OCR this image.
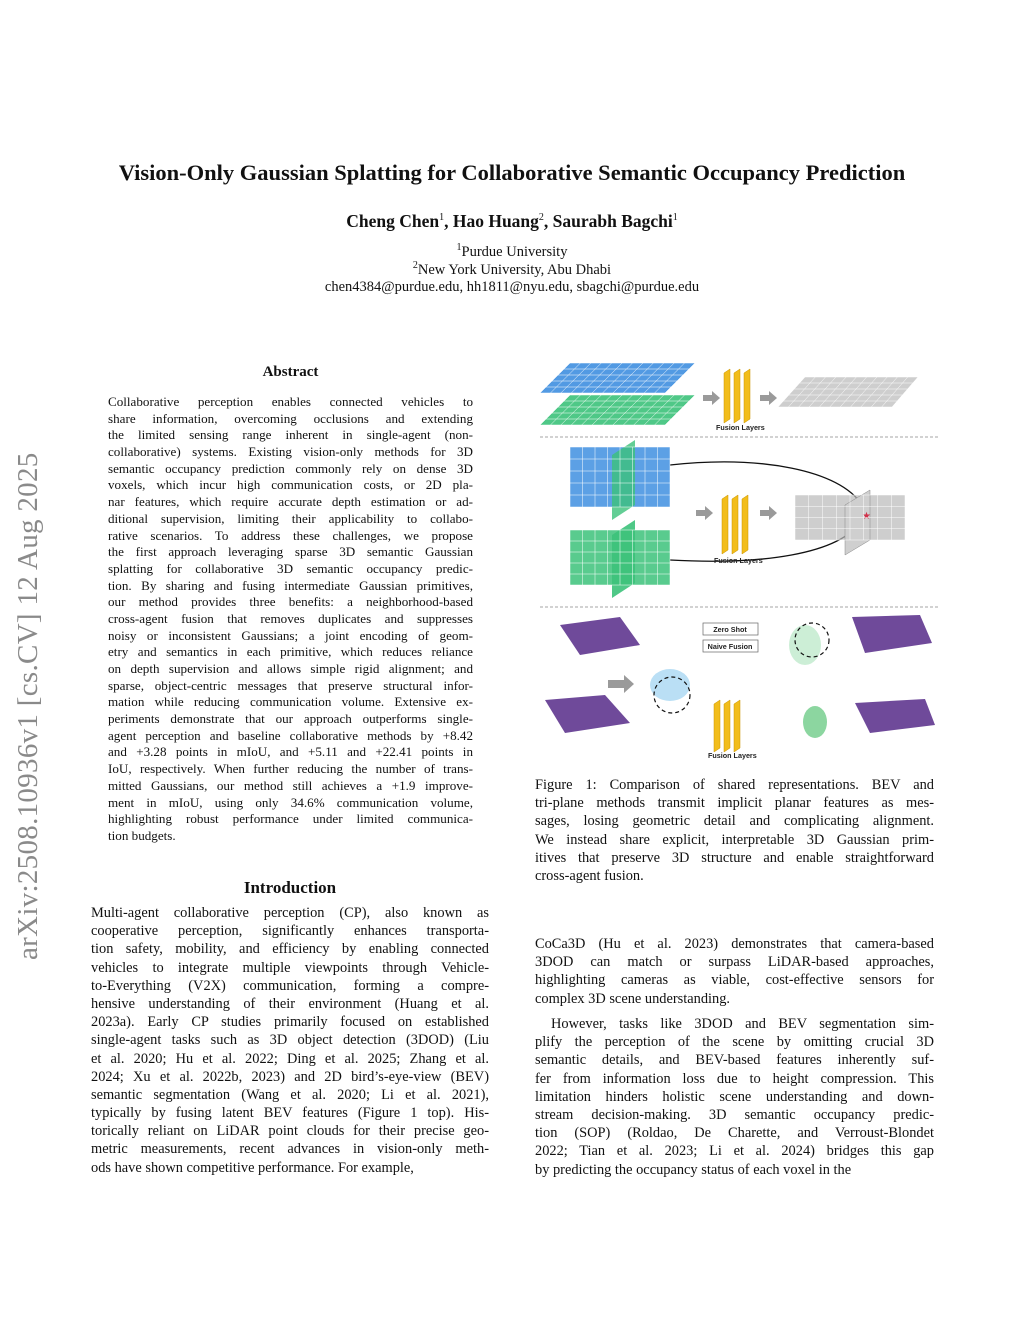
arXiv:2508.10936v1 [cs.CV] 12 Aug 2025
Vision-Only Gaussian Splatting for Collaborative Semantic Occupancy Prediction
Cheng Chen$^1$, Hao Huang$^2$, Saurabh Bagchi$^1$
$^1$Purdue University
$^2$New York University, Abu Dhabi
chen4384@purdue.edu, hh1811@nyu.edu, sbagchi@purdue.edu
Abstract
Collaborative perception enables connected vehicles to
share information, overcoming occlusions and extending
the limited sensing range inherent in single-agent (non-
collaborative) systems. Existing vision-only methods for 3D
semantic occupancy prediction commonly rely on dense 3D
voxels, which incur high communication costs, or 2D pla-
nar features, which require accurate depth estimation or ad-
ditional supervision, limiting their applicability to collabo-
rative scenarios. To address these challenges, we propose
the first approach leveraging sparse 3D semantic Gaussian
splatting for collaborative 3D semantic occupancy predic-
tion. By sharing and fusing intermediate Gaussian primitives,
our method provides three benefits: a neighborhood-based
cross-agent fusion that removes duplicates and suppresses
noisy or inconsistent Gaussians; a joint encoding of geom-
etry and semantics in each primitive, which reduces reliance
on depth supervision and allows simple rigid alignment; and
sparse, object-centric messages that preserve structural infor-
mation while reducing communication volume. Extensive ex-
periments demonstrate that our approach outperforms single-
agent perception and baseline collaborative methods by +8.42
and +3.28 points in mIoU, and +5.11 and +22.41 points in
IoU, respectively. When further reducing the number of trans-
mitted Gaussians, our method still achieves a +1.9 improve-
ment in mIoU, using only 34.6% communication volume,
highlighting robust performance under limited communica-
tion budgets.
Introduction
Multi-agent collaborative perception (CP), also known as
cooperative perception, significantly enhances transporta-
tion safety, mobility, and efficiency by enabling connected
vehicles to integrate multiple viewpoints through Vehicle-
to-Everything (V2X) communication, forming a compre-
hensive understanding of their environment (Huang et al.
2023a). Early CP studies primarily focused on established
single-agent tasks such as 3D object detection (3DOD) (Liu
et al. 2020; Hu et al. 2022; Ding et al. 2025; Zhang et al.
2024; Xu et al. 2022b, 2023) and 2D bird’s-eye-view (BEV)
semantic segmentation (Wang et al. 2020; Li et al. 2021),
typically by fusing latent BEV features (Figure 1 top). His-
torically reliant on LiDAR point clouds for their precise geo-
metric measurements, recent advances in vision-only meth-
ods have shown competitive performance. For example,
Fusion Layers
Fusion Layers
★
Zero Shot
Naive Fusion
Fusion Layers
Figure 1: Comparison of shared representations. BEV and
tri-plane methods transmit implicit planar features as mes-
sages, losing geometric detail and complicating alignment.
We instead share explicit, interpretable 3D Gaussian prim-
itives that preserve 3D structure and enable straightforward
cross-agent fusion.
CoCa3D (Hu et al. 2023) demonstrates that camera-based
3DOD can match or surpass LiDAR-based approaches,
highlighting cameras as viable, cost-effective sensors for
complex 3D scene understanding.
However, tasks like 3DOD and BEV segmentation sim-
plify the perception of the scene by omitting crucial 3D
semantic details, and BEV-based features inherently suf-
fer from information loss due to height compression. This
limitation hinders holistic scene understanding and down-
stream decision-making. 3D semantic occupancy predic-
tion (SOP) (Roldao, De Charette, and Verroust-Blondet
2022; Tian et al. 2023; Li et al. 2024) bridges this gap
by predicting the occupancy status of each voxel in the
